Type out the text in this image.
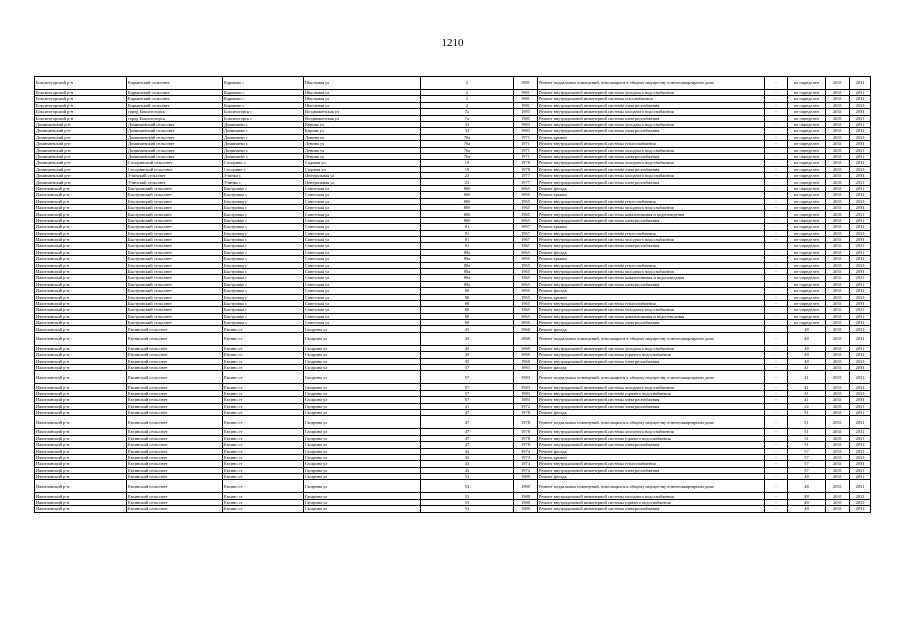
1210
Бокситогорский р-н	Карьинский сельсовет	Караково с	Школьная ул	2	1981	Ремонт подвальных помещений, относящихся к общему имуществу в многоквартирном доме	-	не определен	2031	2031
Бокситогорский р-н	Карьинский сельсовет	Караково с	Школьная ул	2	1981	Ремонт внутридомовой инженерной системы холодного водоснабжения	-	не определен	2031	2031
Бокситогорский р-н	Карьинский сельсовет	Караково с	Школьная ул	2	1981	Ремонт внутридомовой инженерной системы газоснабжения	-	не определен	2031	2031
Бокситогорский р-н	Карьинский сельсовет	Караково с	Школьная ул	2	1981	Ремонт внутридомовой инженерной системы электроснабжения	-	не определен	2031	2031
Бокситогорский р-н	город Бокситогорск	Бокситогорск г	Воздвиженская ул	7а	1985	Ремонт внутридомовой инженерной системы холодного водоснабжения	-	не определен	2031	2031
Бокситогорский р-н	город Бокситогорск	Бокситогорск г	Воздвиженская ул	7а	1985	Ремонт внутридомовой инженерной системы электроснабжения	-	не определен	2031	2031
Доминаевский р-н	Доминаевский сельсовет	Доминаево с	Кирова ул	33	1983	Ремонт внутридомовой инженерной системы холодного водоснабжения	-	не определен	2031	2031
Доминаевский р-н	Доминаевский сельсовет	Доминаево с	Кирова ул	33	1983	Ремонт внутридомовой инженерной системы электроснабжения	-	не определен	2031	2031
Доминаевский р-н	Доминаевский сельсовет	Доминаево с	Ленина ул	76а	1971	Ремонт крыши	-	не определен	2031	2031
Доминаевский р-н	Доминаевский сельсовет	Доминаево с	Ленина ул	76а	1971	Ремонт внутридомовой инженерной системы теплоснабжения	-	не определен	2031	2031
Доминаевский р-н	Доминаевский сельсовет	Доминаево с	Ленина ул	76а	1971	Ремонт внутридомовой инженерной системы холодного водоснабжения	-	не определен	2031	2031
Доминаевский р-н	Доминаевский сельсовет	Доминаево с	Ленина ул	76а	1971	Ремонт внутридомовой инженерной системы электроснабжения	-	не определен	2031	2031
Доминаевский р-н	Сосоринский сельсовет	Сосорино с	Садовая ул	19	1978	Ремонт внутридомовой инженерной системы холодного водоснабжения	-	не определен	2031	2031
Доминаевский р-н	Сосоринский сельсовет	Сосорино с	Садовая ул	19	1978	Ремонт внутридомовой инженерной системы электроснабжения	-	не определен	2031	2031
Доминаевский р-н	Утинский сельсовет	Утинка с	Центральная ул	23	1977	Ремонт внутридомовой инженерной системы холодного водоснабжения	-	не определен	2031	2031
Доминаевский р-н	Утинский сельсовет	Утинка с	Центральная ул	23	1977	Ремонт внутридомовой инженерной системы электроснабжения	-	не определен	2031	2031
Ижитлинский р-н	Быстровский сельсовет	Быстровка с	Советская ул	80б	1965	Ремонт фасада	-	не определен	2031	2031
Ижитлинский р-н	Быстровский сельсовет	Быстровка с	Советская ул	80б	1965	Ремонт крыши	-	не определен	2031	2031
Ижитлинский р-н	Быстровский сельсовет	Быстровка с	Советская ул	80б	1965	Ремонт внутридомовой инженерной системы теплоснабжения	-	не определен	2031	2031
Ижитлинский р-н	Быстровский сельсовет	Быстровка с	Советская ул	80б	1965	Ремонт внутридомовой инженерной системы холодного водоснабжения	-	не определен	2031	2031
Ижитлинский р-н	Быстровский сельсовет	Быстровка с	Советская ул	80б	1965	Ремонт внутридомовой инженерной системы канализования и водоотведения	-	не определен	2031	2031
Ижитлинский р-н	Быстровский сельсовет	Быстровка с	Советская ул	80б	1965	Ремонт внутридомовой инженерной системы электроснабжения	-	не определен	2031	2031
Ижитлинский р-н	Быстровский сельсовет	Быстровка с	Советская ул	81	1967	Ремонт крыши	-	не определен	2031	2031
Ижитлинский р-н	Быстровский сельсовет	Быстровка с	Советская ул	81	1967	Ремонт внутридомовой инженерной системы теплоснабжения	-	не определен	2031	2031
Ижитлинский р-н	Быстровский сельсовет	Быстровка с	Советская ул	81	1967	Ремонт внутридомовой инженерной системы холодного водоснабжения	-	не определен	2031	2031
Ижитлинский р-н	Быстровский сельсовет	Быстровка с	Советская ул	81	1967	Ремонт внутридомовой инженерной системы электроснабжения	-	не определен	2031	2031
Ижитлинский р-н	Быстровский сельсовет	Быстровка с	Советская ул	80а	1965	Ремонт фасада	-	не определен	2031	2031
Ижитлинский р-н	Быстровский сельсовет	Быстровка с	Советская ул	80а	1965	Ремонт крыши	-	не определен	2031	2031
Ижитлинский р-н	Быстровский сельсовет	Быстровка с	Советская ул	80а	1965	Ремонт внутридомовой инженерной системы теплоснабжения	-	не определен	2031	2031
Ижитлинский р-н	Быстровский сельсовет	Быстровка с	Советская ул	80а	1965	Ремонт внутридомовой инженерной системы холодного водоснабжения	-	не определен	2031	2031
Ижитлинский р-н	Быстровский сельсовет	Быстровка с	Советская ул	80а	1965	Ремонт внутридомовой инженерной системы канализования и водоотведения	-	не определен	2031	2031
Ижитлинский р-н	Быстровский сельсовет	Быстровка с	Советская ул	80а	1965	Ремонт внутридомовой инженерной системы электроснабжения	-	не определен	2031	2031
Ижитлинский р-н	Быстровский сельсовет	Быстровка с	Советская ул	80	1965	Ремонт фасада	-	не определен	2031	2031
Ижитлинский р-н	Быстровский сельсовет	Быстровка с	Советская ул	80	1965	Ремонт крыши	-	не определен	2031	2031
Ижитлинский р-н	Быстровский сельсовет	Быстровка с	Советская ул	80	1965	Ремонт внутридомовой инженерной системы теплоснабжения	-	не определен	2031	2031
Ижитлинский р-н	Быстровский сельсовет	Быстровка с	Советская ул	80	1965	Ремонт внутридомовой инженерной системы холодного водоснабжения	-	не определен	2031	2031
Ижитлинский р-н	Быстровский сельсовет	Быстровка с	Советская ул	80	1965	Ремонт внутридомовой инженерной системы канализования и водоотведения	-	не определен	2031	2031
Ижитлинский р-н	Быстровский сельсовет	Быстровка с	Советская ул	80	1965	Ремонт внутридомовой инженерной системы электроснабжения	-	не определен	2031	2031
Ижитлинский р-н	Евсинский сельсовет	Евсино ст	Гагарина ул	45	1960	Ремонт фасада	-	48	2031	2031
Ижитлинский р-н	Евсинский сельсовет	Евсино ст	Гагарина ул	45	1960	Ремонт подвальных помещений, относящихся к общему имуществу в многоквартирном доме	-	48	2031	2031
Ижитлинский р-н	Евсинский сельсовет	Евсино ст	Гагарина ул	45	1960	Ремонт внутридомовой инженерной системы холодного водоснабжения	-	48	2031	2031
Ижитлинский р-н	Евсинский сельсовет	Евсино ст	Гагарина ул	45	1960	Ремонт внутридомовой инженерной системы горячего водоснабжения	-	48	2031	2031
Ижитлинский р-н	Евсинский сельсовет	Евсино ст	Гагарина ул	45	1960	Ремонт внутридомовой инженерной системы электроснабжения	-	48	2031	2031
Ижитлинский р-н	Евсинский сельсовет	Евсино ст	Гагарина ул	57	1983	Ремонт фасада	-	41	2031	2031
Ижитлинский р-н	Евсинский сельсовет	Евсино ст	Гагарина ул	57	1983	Ремонт подвальных помещений, относящихся к общему имуществу в многоквартирном доме	-	41	2031	2031
Ижитлинский р-н	Евсинский сельсовет	Евсино ст	Гагарина ул	57	1983	Ремонт внутридомовой инженерной системы холодного водоснабжения	-	41	2031	2031
Ижитлинский р-н	Евсинский сельсовет	Евсино ст	Гагарина ул	57	1983	Ремонт внутридомовой инженерной системы горячего водоснабжения	-	41	2031	2031
Ижитлинский р-н	Евсинский сельсовет	Евсино ст	Гагарина ул	57	1983	Ремонт внутридомовой инженерной системы электроснабжения	-	41	2031	2031
Ижитлинский р-н	Евсинский сельсовет	Евсино ст	Гагарина ул	41	1972	Ремонт внутридомовой инженерной системы электроснабжения	-	32	2031	2031
Ижитлинский р-н	Евсинский сельсовет	Евсино ст	Гагарина ул	47	1978	Ремонт фасада	-	51	2031	2031
Ижитлинский р-н	Евсинский сельсовет	Евсино ст	Гагарина ул	47	1978	Ремонт подвальных помещений, относящихся к общему имуществу в многоквартирном доме	-	51	2031	2031
Ижитлинский р-н	Евсинский сельсовет	Евсино ст	Гагарина ул	47	1978	Ремонт внутридомовой инженерной системы холодного водоснабжения	-	51	2031	2031
Ижитлинский р-н	Евсинский сельсовет	Евсино ст	Гагарина ул	47	1978	Ремонт внутридомовой инженерной системы горячего водоснабжения	-	51	2031	2031
Ижитлинский р-н	Евсинский сельсовет	Евсино ст	Гагарина ул	47	1978	Ремонт внутридомовой инженерной системы электроснабжения	-	51	2031	2031
Ижитлинский р-н	Евсинский сельсовет	Евсино ст	Гагарина ул	43	1974	Ремонт фасада	-	57	2031	2031
Ижитлинский р-н	Евсинский сельсовет	Евсино ст	Гагарина ул	43	1974	Ремонт крыши	-	57	2031	2031
Ижитлинский р-н	Евсинский сельсовет	Евсино ст	Гагарина ул	43	1974	Ремонт внутридомовой инженерной системы теплоснабжения	-	57	2031	2031
Ижитлинский р-н	Евсинский сельсовет	Евсино ст	Гагарина ул	43	1974	Ремонт внутридомовой инженерной системы электроснабжения	-	57	2031	2031
Ижитлинский р-н	Евсинский сельсовет	Евсино ст	Гагарина ул	53	1980	Ремонт фасада	-	48	2031	2031
Ижитлинский р-н	Евсинский сельсовет	Евсино ст	Гагарина ул	53	1980	Ремонт подвальных помещений, относящихся к общему имуществу в многоквартирном доме	-	48	2031	2031
Ижитлинский р-н	Евсинский сельсовет	Евсино ст	Гагарина ул	53	1980	Ремонт внутридомовой инженерной системы холодного водоснабжения	-	48	2031	2031
Ижитлинский р-н	Евсинский сельсовет	Евсино ст	Гагарина ул	53	1980	Ремонт внутридомовой инженерной системы горячего водоснабжения	-	48	2031	2031
Ижитлинский р-н	Евсинский сельсовет	Евсино ст	Гагарина ул	53	1980	Ремонт внутридомовой инженерной системы электроснабжения	-	48	2031	2031
